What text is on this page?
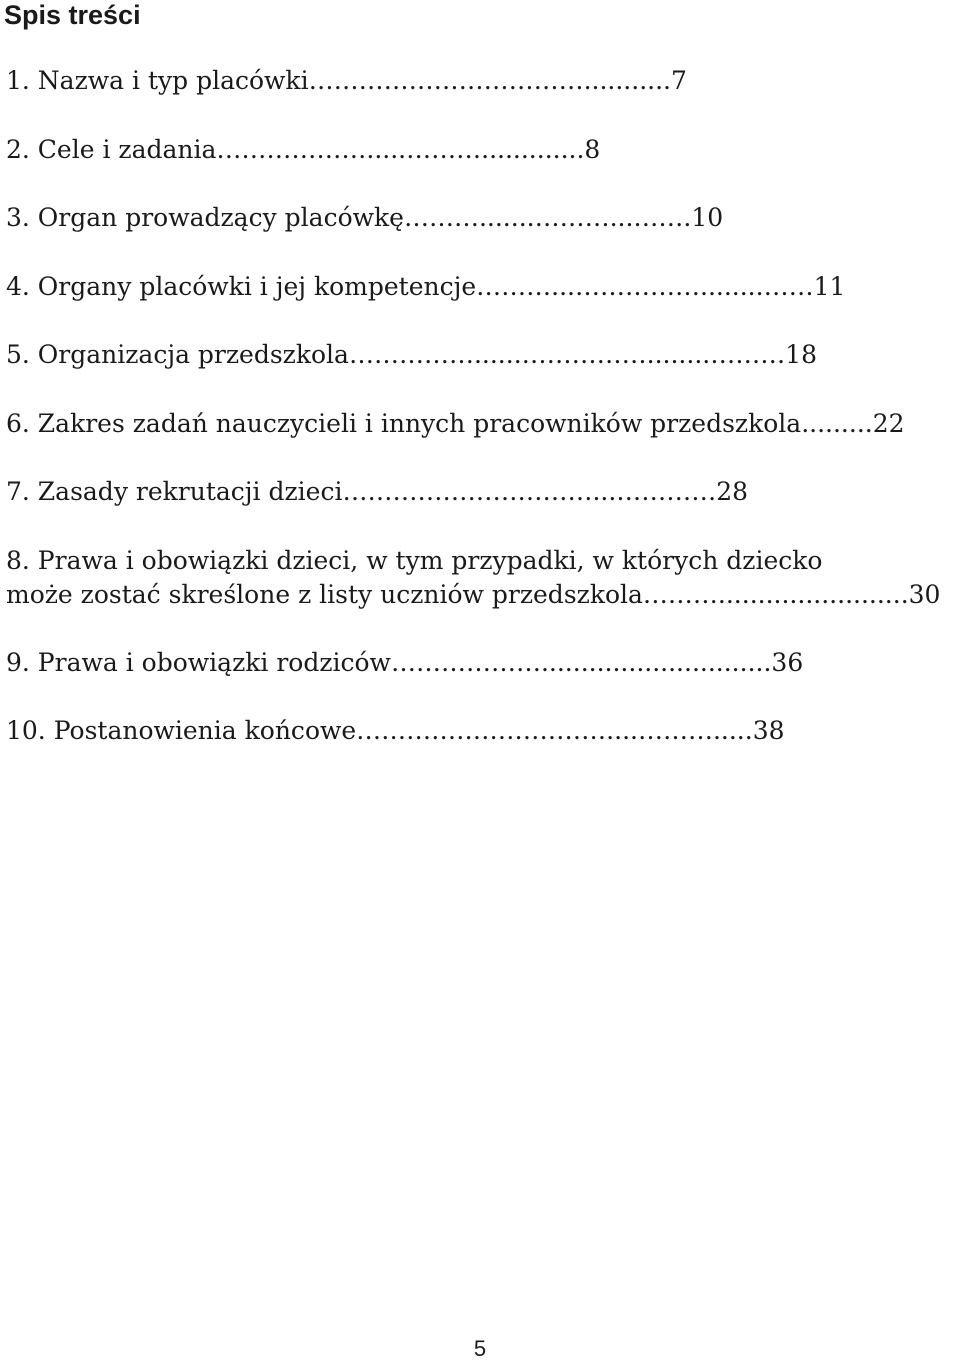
Spis treści
1. Nazwa i typ placówki……………………………...........7
2. Cele i zadania……………….....……….............8
3. Organ prowadzący placówkę……….......………...…….10
4. Organy placówki i jej kompetencje………...……………........……11
5. Organizacja przedszkola……………......……………........………18
6. Zakres zadań nauczycieli i innych pracowników przedszkola.........22
7. Zasady rekrutacji dzieci…………………………...…………28
8. Prawa i obowiązki dzieci, w tym przypadki, w których dziecko
może zostać skreślone z listy uczniów przedszkola………........................30
9. Prawa i obowiązki rodziców……………….............................36
10. Postanowienia końcowe…………………………....……….....38
5
